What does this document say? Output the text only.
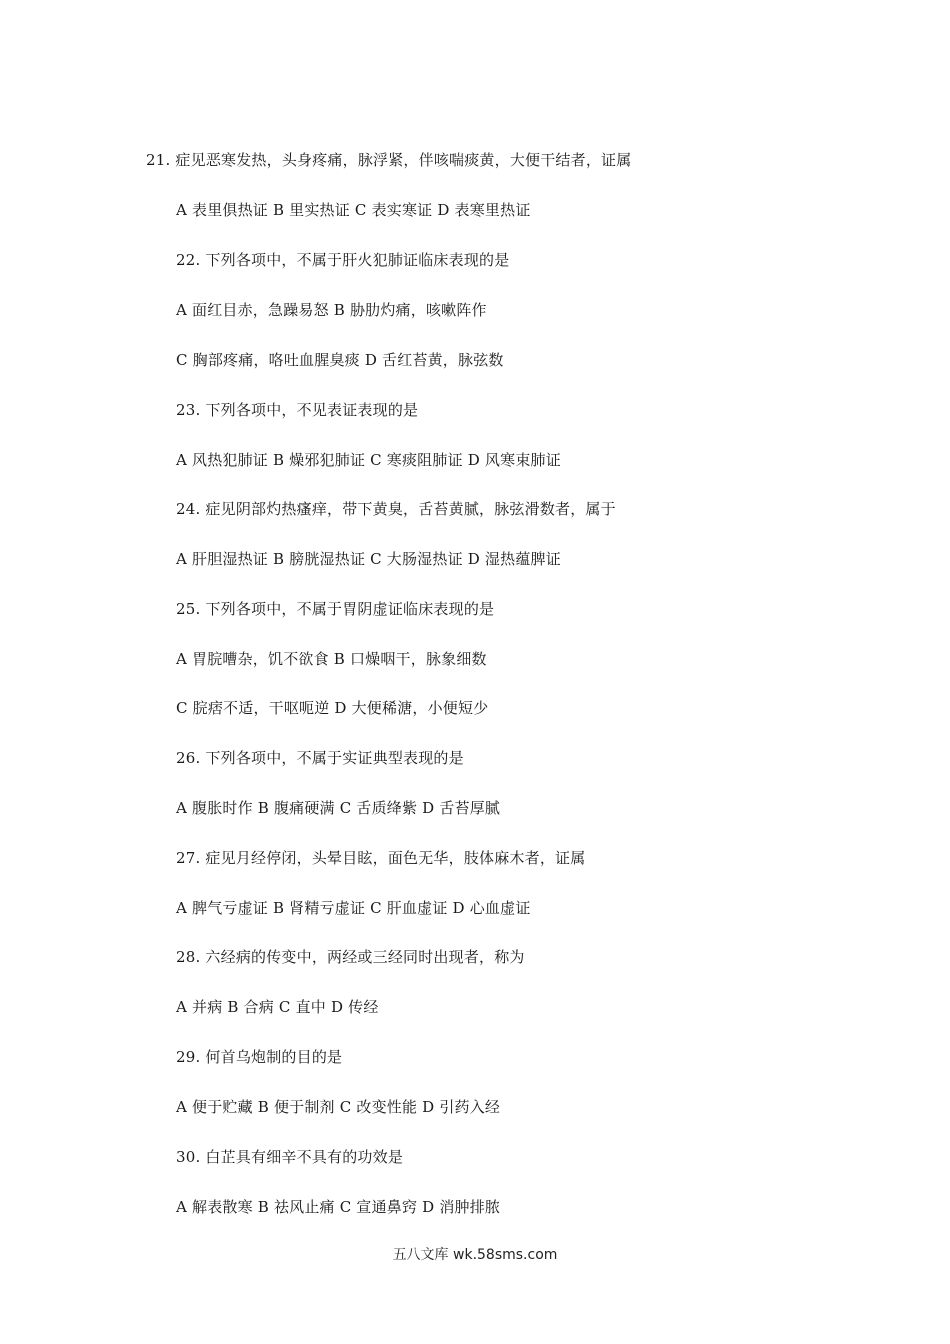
21. 症见恶寒发热，头身疼痛，脉浮紧，伴咳喘痰黄，大便干结者，证属
A 表里俱热证 B 里实热证 C 表实寒证 D 表寒里热证
22. 下列各项中，不属于肝火犯肺证临床表现的是
A 面红目赤，急躁易怒 B 胁肋灼痛，咳嗽阵作
C 胸部疼痛，咯吐血腥臭痰 D 舌红苔黄，脉弦数
23. 下列各项中，不见表证表现的是
A 风热犯肺证 B 燥邪犯肺证 C 寒痰阻肺证 D 风寒束肺证
24. 症见阴部灼热瘙痒，带下黄臭，舌苔黄腻，脉弦滑数者，属于
A 肝胆湿热证 B 膀胱湿热证 C 大肠湿热证 D 湿热蕴脾证
25. 下列各项中，不属于胃阴虚证临床表现的是
A 胃脘嘈杂，饥不欲食 B 口燥咽干，脉象细数
C 脘痞不适，干呕呃逆 D 大便稀溏，小便短少
26. 下列各项中，不属于实证典型表现的是
A 腹胀时作 B 腹痛硬满 C 舌质绛紫 D 舌苔厚腻
27. 症见月经停闭，头晕目眩，面色无华，肢体麻木者，证属
A 脾气亏虚证 B 肾精亏虚证 C 肝血虚证 D 心血虚证
28. 六经病的传变中，两经或三经同时出现者，称为
A 并病 B 合病 C 直中 D 传经
29. 何首乌炮制的目的是
A 便于贮藏 B 便于制剂 C 改变性能 D 引药入经
30. 白芷具有细辛不具有的功效是
A 解表散寒 B 祛风止痛 C 宣通鼻窍 D 消肿排脓
五八文库 wk.58sms.com
